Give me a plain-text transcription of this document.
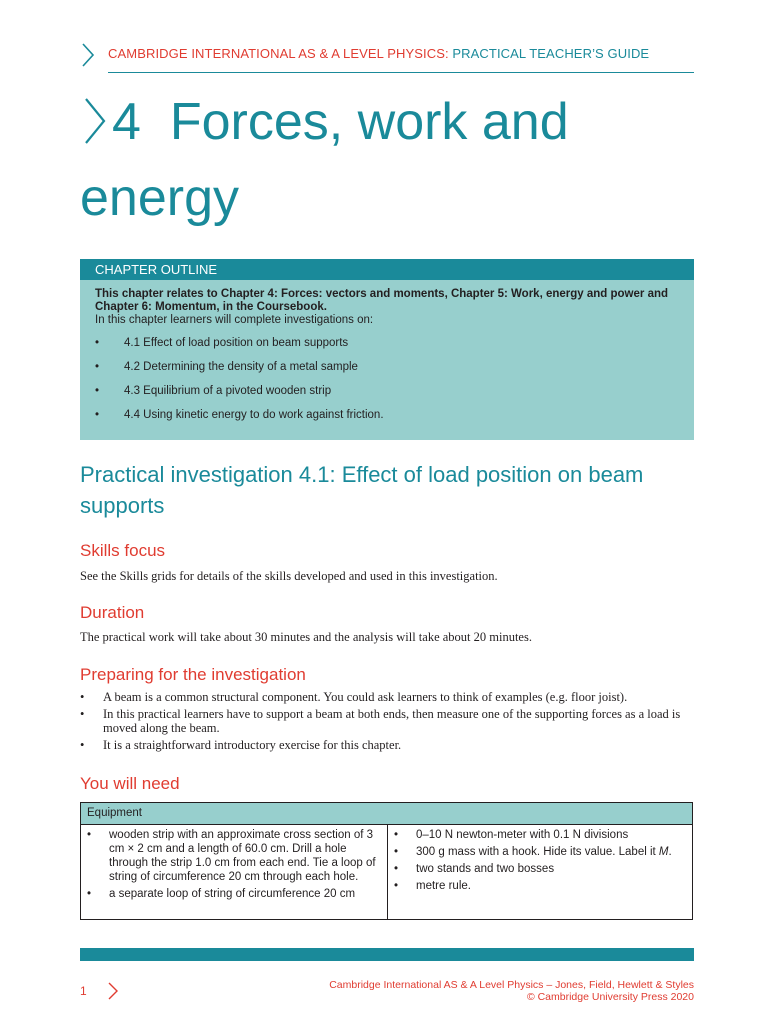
CAMBRIDGE INTERNATIONAL AS & A LEVEL PHYSICS: PRACTICAL TEACHER’S GUIDE
4 Forces, work and
energy
CHAPTER OUTLINE
This chapter relates to Chapter 4: Forces: vectors and moments, Chapter 5: Work, energy and power and Chapter 6: Momentum, in the Coursebook.
In this chapter learners will complete investigations on:
• 4.1 Effect of load position on beam supports
• 4.2 Determining the density of a metal sample
• 4.3 Equilibrium of a pivoted wooden strip
• 4.4 Using kinetic energy to do work against friction.
Practical investigation 4.1: Effect of load position on beam supports
Skills focus
See the Skills grids for details of the skills developed and used in this investigation.
Duration
The practical work will take about 30 minutes and the analysis will take about 20 minutes.
Preparing for the investigation
• A beam is a common structural component. You could ask learners to think of examples (e.g. floor joist).
• In this practical learners have to support a beam at both ends, then measure one of the supporting forces as a load is moved along the beam.
• It is a straightforward introductory exercise for this chapter.
You will need
Equipment
• wooden strip with an approximate cross section of 3 cm × 2 cm and a length of 60.0 cm. Drill a hole through the strip 1.0 cm from each end. Tie a loop of string of circumference 20 cm through each hole.
• a separate loop of string of circumference 20 cm
• 0–10 N newton-meter with 0.1 N divisions
• 300 g mass with a hook. Hide its value. Label it M.
• two stands and two bosses
• metre rule.
1	Cambridge International AS & A Level Physics – Jones, Field, Hewlett & Styles
© Cambridge University Press 2020
